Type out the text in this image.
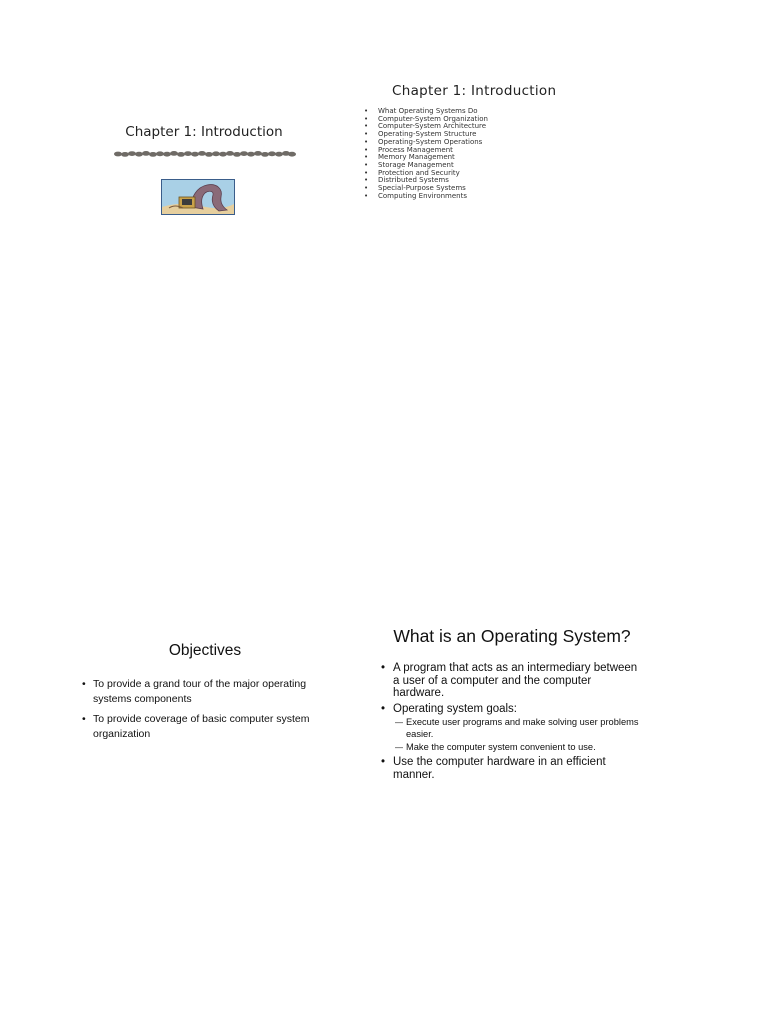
Chapter 1: Introduction
Chapter 1: Introduction
• What Operating Systems Do
• Computer-System Organization
• Computer-System Architecture
• Operating-System Structure
• Operating-System Operations
• Process Management
• Memory Management
• Storage Management
• Protection and Security
• Distributed Systems
• Special-Purpose Systems
• Computing Environments
Objectives
• To provide a grand tour of the major operating systems components
• To provide coverage of basic computer system organization
What is an Operating System?
• A program that acts as an intermediary between a user of a computer and the computer hardware.
• Operating system goals:
— Execute user programs and make solving user problems easier.
— Make the computer system convenient to use.
• Use the computer hardware in an efficient manner.
